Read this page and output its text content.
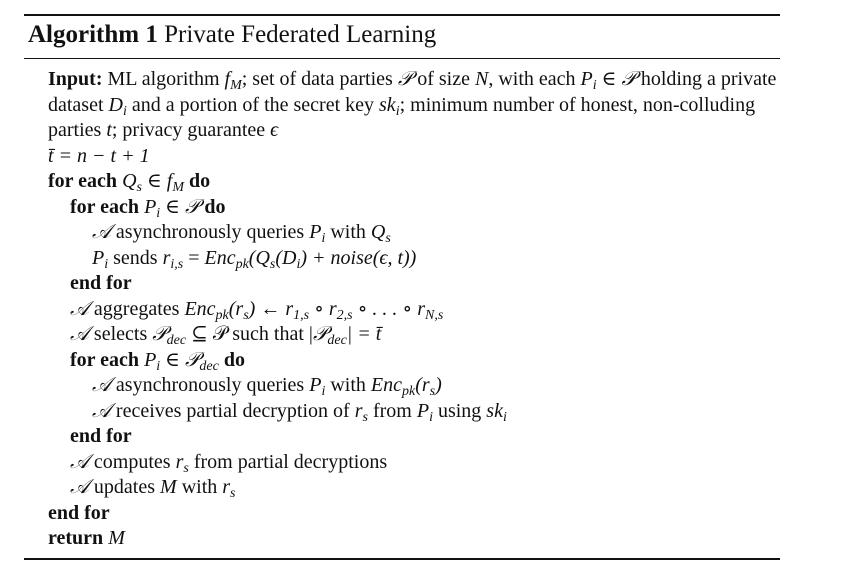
Algorithm 1 Private Federated Learning
Input: ML algorithm $f_M$; set of data parties 𝒫 of size N, with each $P_i$ ∈ 𝒫 holding a private dataset $D_i$ and a portion of the secret key $sk_i$; minimum number of honest, non-colluding parties t; privacy guarantee ϵ
t̄ = n − t + 1
for each $Q_s$ ∈ $f_M$ do
for each $P_i$ ∈ 𝒫 do
𝒜 asynchronously queries $P_i$ with $Q_s$
$P_i$ sends $r_{i,s} = Enc_{pk}(Q_s(D_i)$ + noise(ϵ, t))
end for
𝒜 aggregates $Enc_{pk}(r_s)$ ← $r_{1,s}$ ∘ $r_{2,s}$ ∘ . . . ∘ $r_{N,s}$
𝒜 selects 𝒫$_{dec}$ ⊆ 𝒫 such that |𝒫$_{dec}$| = t̄
for each $P_i$ ∈ 𝒫$_{dec}$ do
𝒜 asynchronously queries $P_i$ with $Enc_{pk}(r_s)$
𝒜 receives partial decryption of $r_s$ from $P_i$ using $sk_i$
end for
𝒜 computes $r_s$ from partial decryptions
𝒜 updates M with $r_s$
end for
return M
